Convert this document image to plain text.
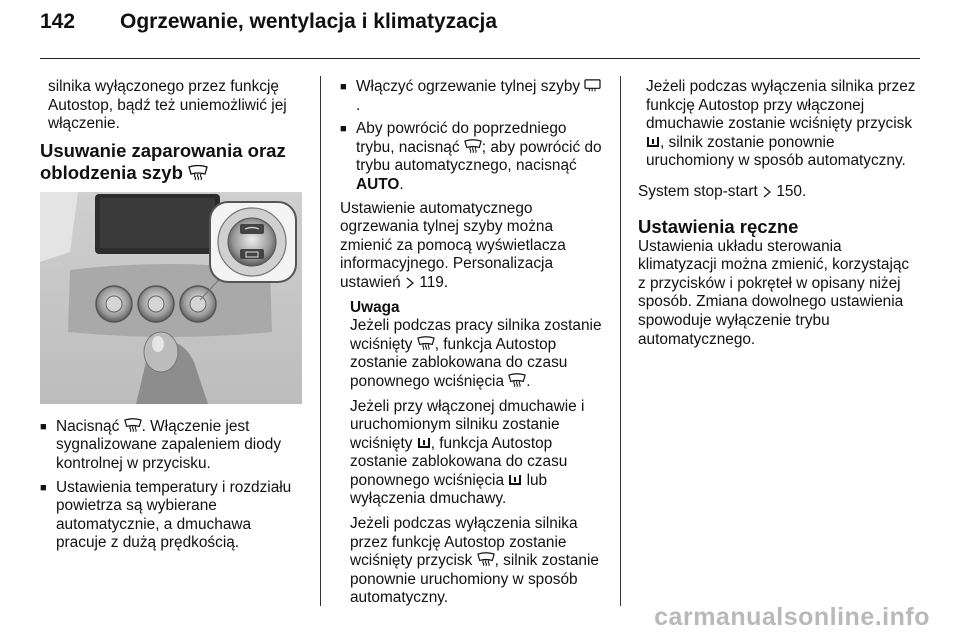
142 Ogrzewanie, wentylacja i klimatyzacja

silnika wyłączonego przez funkcję Autostop, bądź też uniemożliwić jej włączenie.

Usuwanie zaparowania oraz
oblodzenia szyb
■ Nacisnąć . Włączenie jest sygnalizowane zapaleniem diody kontrolnej w przycisku.
■ Ustawienia temperatury i rozdziału powietrza są wybierane automatycznie, a dmuchawa pracuje z dużą prędkością.
■ Włączyć ogrzewanie tylnej szyby .
■ Aby powrócić do poprzedniego trybu, nacisnąć ; aby powrócić do trybu automatycznego, nacisnąć AUTO.

Ustawienie automatycznego ogrzewania tylnej szyby można zmienić za pomocą wyświetlacza informacyjnego. Personalizacja ustawień 119.

Uwaga

Jeżeli podczas pracy silnika zostanie wciśnięty , funkcja Autostop zostanie zablokowana do czasu ponownego wciśnięcia .

Jeżeli przy włączonej dmuchawie i uruchomionym silniku zostanie wciśnięty , funkcja Autostop zostanie zablokowana do czasu ponownego wciśnięcia lub wyłączenia dmuchawy.

Jeżeli podczas wyłączenia silnika przez funkcję Autostop zostanie wciśnięty przycisk , silnik zostanie ponownie uruchomiony w sposób automatyczny.

Jeżeli podczas wyłączenia silnika przez funkcję Autostop przy włączonej dmuchawie zostanie wciśnięty przycisk , silnik zostanie ponownie uruchomiony w sposób automatyczny.

System stop-start 150.

Ustawienia ręczne

Ustawienia układu sterowania klimatyzacji można zmienić, korzystając z przycisków i pokręteł w opisany niżej sposób. Zmiana dowolnego ustawienia spowoduje wyłączenie trybu automatycznego.

carmanualsonline.info
